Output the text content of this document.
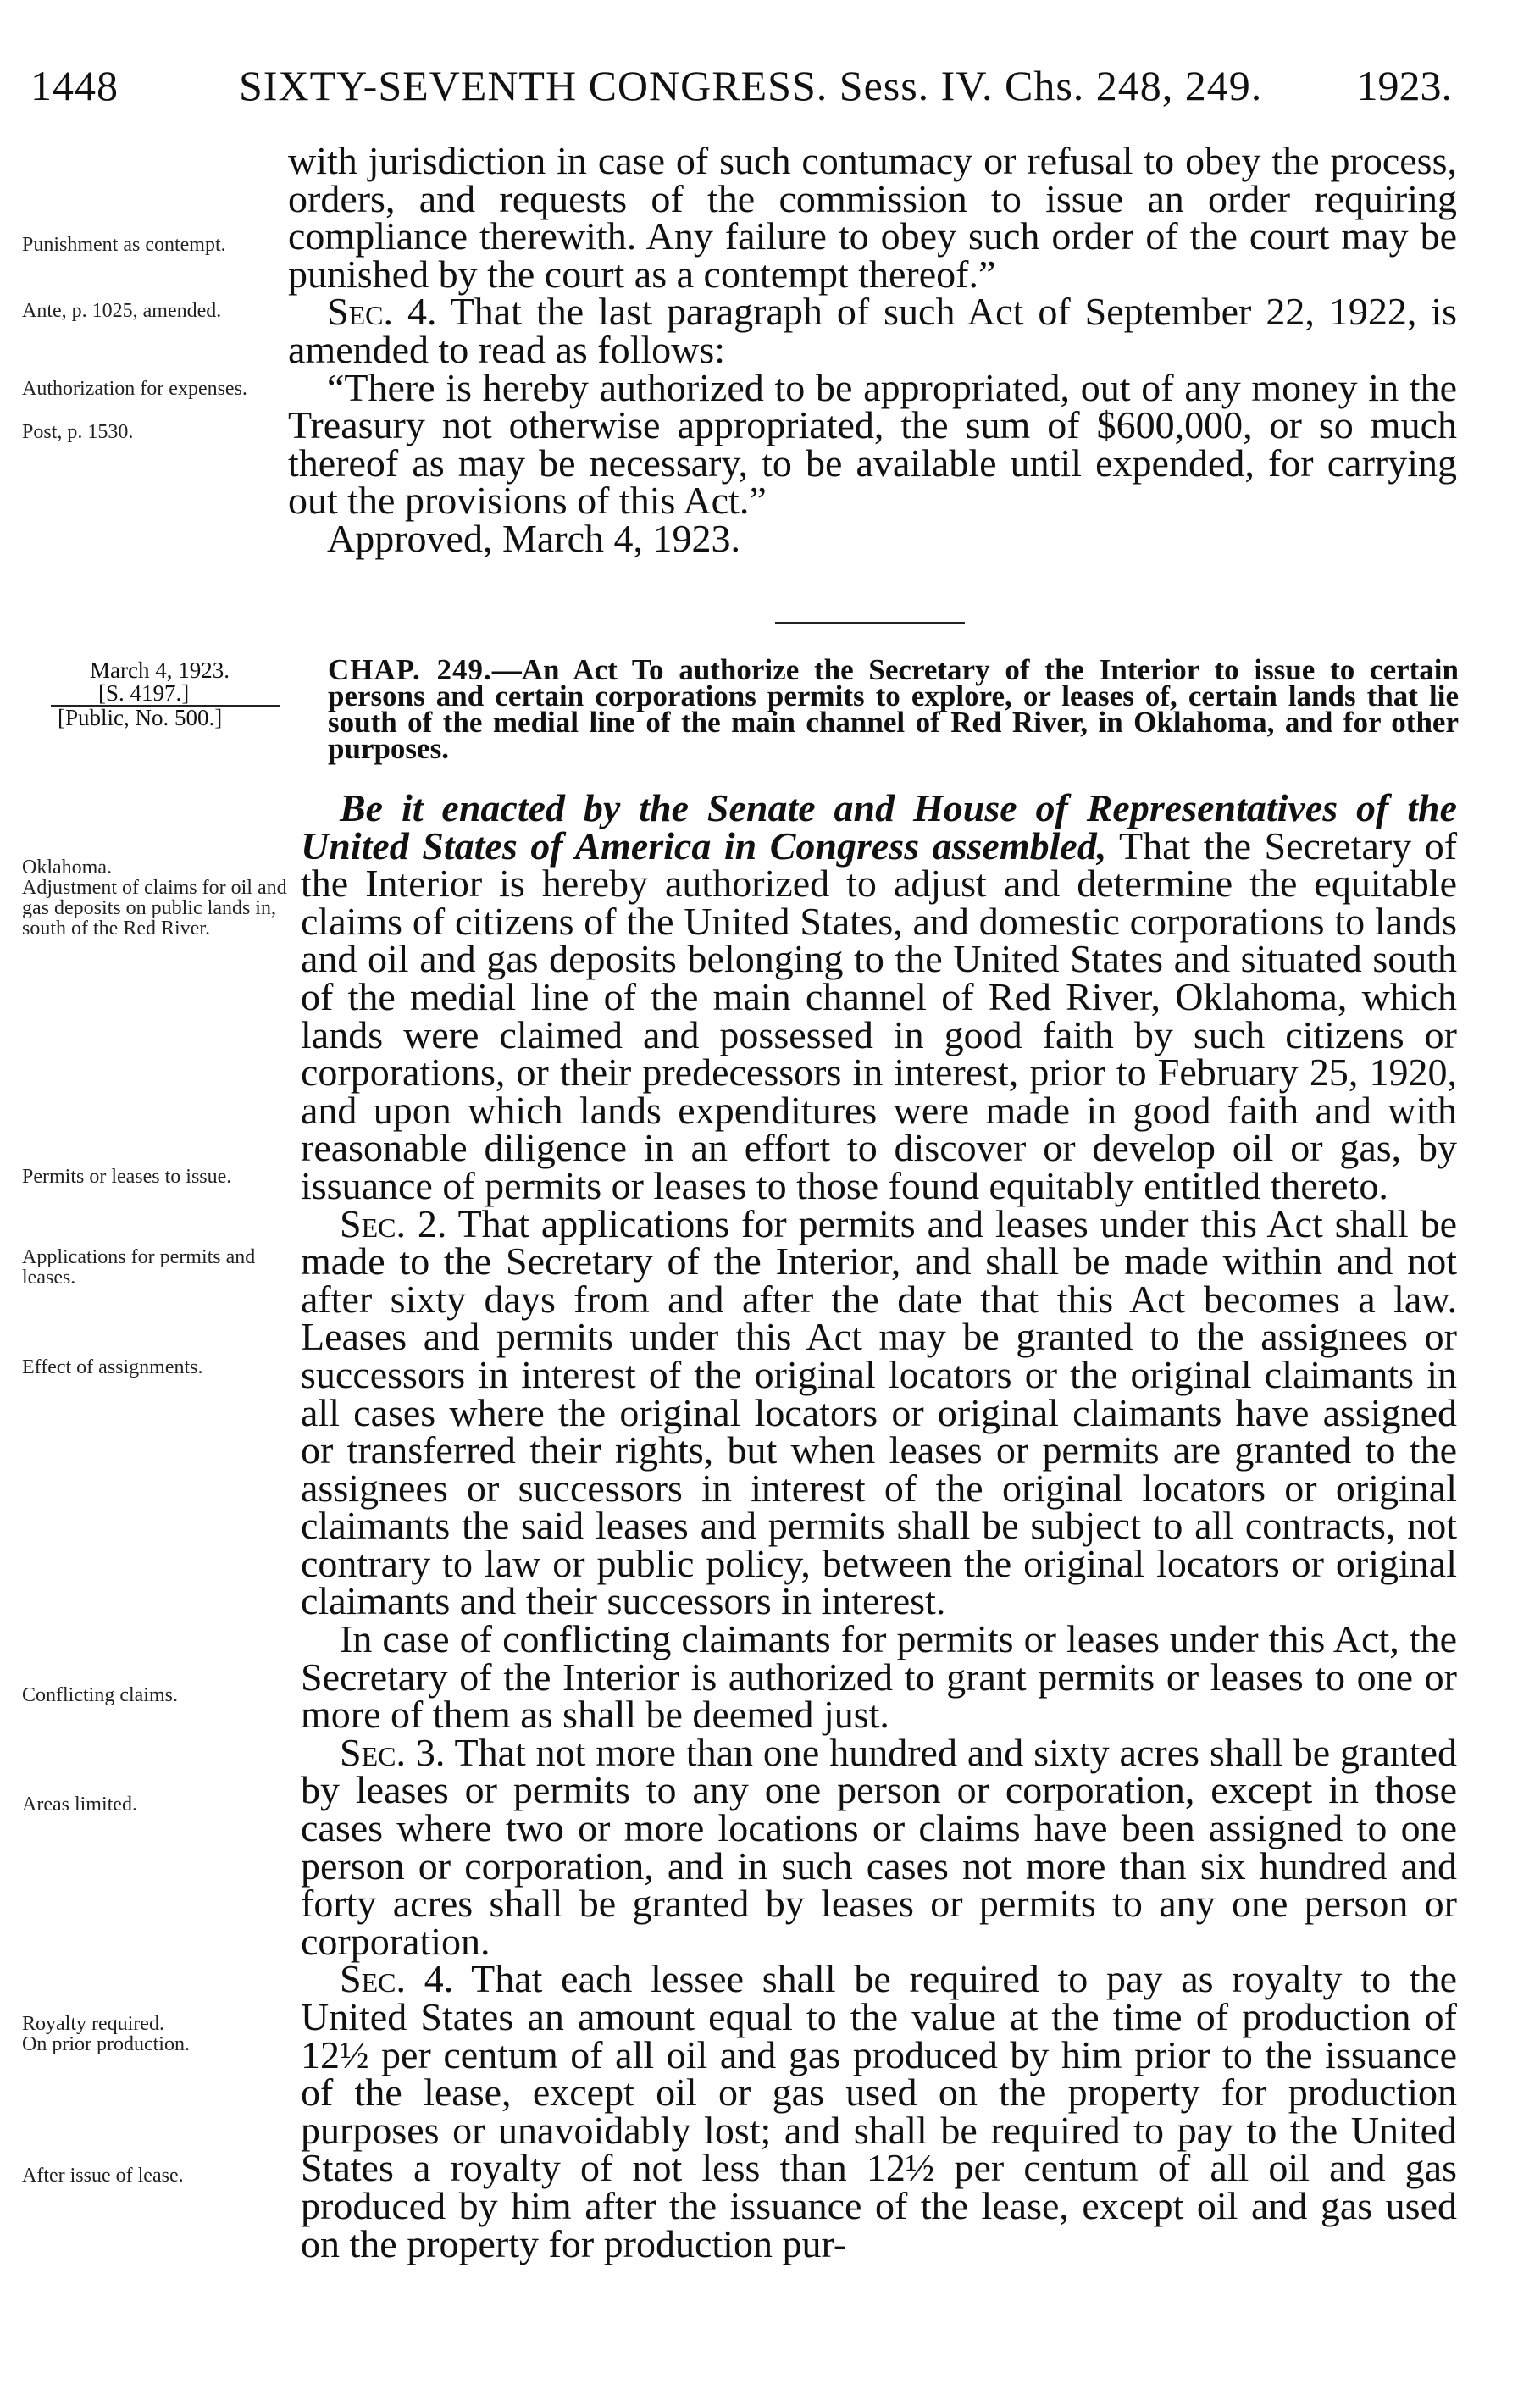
1448	SIXTY-SEVENTH CONGRESS. Sess. IV. Chs. 248, 249.	1923.
Punishment as contempt.
Ante, p. 1025, amended.
Authorization for expenses.
Post, p. 1530.

with jurisdiction in case of such contumacy or refusal to obey the process, orders, and requests of the commission to issue an order requiring compliance therewith. Any failure to obey such order of the court may be punished by the court as a contempt thereof.”

Sec. 4. That the last paragraph of such Act of September 22, 1922, is amended to read as follows:

“There is hereby authorized to be appropriated, out of any money in the Treasury not otherwise appropriated, the sum of $600,000, or so much thereof as may be necessary, to be available until expended, for carrying out the provisions of this Act.”

Approved, March 4, 1923.

March 4, 1923.
[S. 4197.]
[Public, No. 500.]
CHAP. 249.—An Act To authorize the Secretary of the Interior to issue to certain persons and certain corporations permits to explore, or leases of, certain lands that lie south of the medial line of the main channel of Red River, in Oklahoma, and for other purposes.
Oklahoma.
Adjustment of claims for oil and gas deposits on public lands in, south of the Red River.
Permits or leases to issue.
Applications for permits and leases.
Effect of assignments.
Conflicting claims.
Areas limited.
Royalty required.
On prior production.
After issue of lease.

Be it enacted by the Senate and House of Representatives of the United States of America in Congress assembled, That the Secretary of the Interior is hereby authorized to adjust and determine the equitable claims of citizens of the United States, and domestic corporations to lands and oil and gas deposits belonging to the United States and situated south of the medial line of the main channel of Red River, Oklahoma, which lands were claimed and possessed in good faith by such citizens or corporations, or their predecessors in interest, prior to February 25, 1920, and upon which lands expenditures were made in good faith and with reasonable diligence in an effort to discover or develop oil or gas, by issuance of permits or leases to those found equitably entitled thereto.

Sec. 2. That applications for permits and leases under this Act shall be made to the Secretary of the Interior, and shall be made within and not after sixty days from and after the date that this Act becomes a law. Leases and permits under this Act may be granted to the assignees or successors in interest of the original locators or the original claimants in all cases where the original locators or original claimants have assigned or transferred their rights, but when leases or permits are granted to the assignees or successors in interest of the original locators or original claimants the said leases and permits shall be subject to all contracts, not contrary to law or public policy, between the original locators or original claimants and their successors in interest.

In case of conflicting claimants for permits or leases under this Act, the Secretary of the Interior is authorized to grant permits or leases to one or more of them as shall be deemed just.

Sec. 3. That not more than one hundred and sixty acres shall be granted by leases or permits to any one person or corporation, except in those cases where two or more locations or claims have been assigned to one person or corporation, and in such cases not more than six hundred and forty acres shall be granted by leases or permits to any one person or corporation.

Sec. 4. That each lessee shall be required to pay as royalty to the United States an amount equal to the value at the time of production of 12½ per centum of all oil and gas produced by him prior to the issuance of the lease, except oil or gas used on the property for production purposes or unavoidably lost; and shall be required to pay to the United States a royalty of not less than 12½ per centum of all oil and gas produced by him after the issuance of the lease, except oil and gas used on the property for production pur-
